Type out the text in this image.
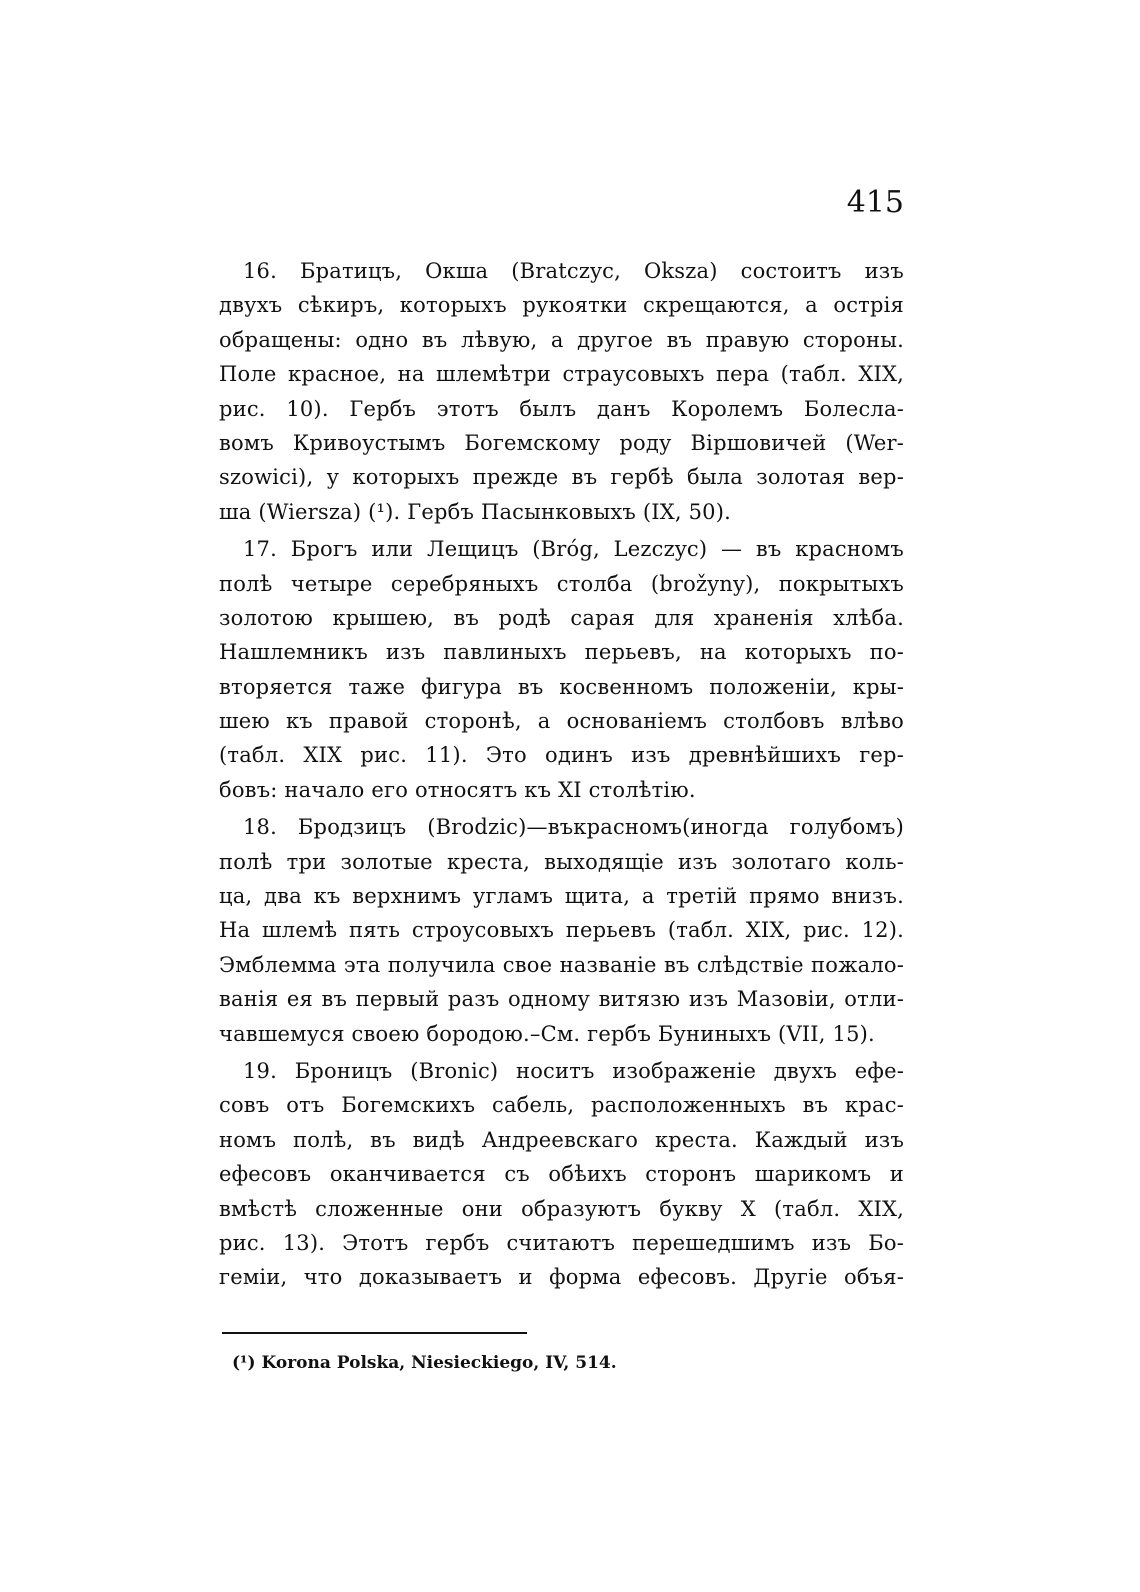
415
16. Братицъ, Окша (Bratczyc, Oksza) состоитъ изъ
двухъ сѣкиръ, которыхъ рукоятки скрещаются, а острія
обращены: одно въ лѣвую, а другое въ правую стороны.
Поле красное, на шлемѣтри страусовыхъ пера (табл. XIX,
рис. 10). Гербъ этотъ былъ данъ Королемъ Болесла-
вомъ Кривоустымъ Богемскому роду Віршовичей (Wer-
szowici), у которыхъ прежде въ гербѣ была золотая вер-
ша (Wiersza) (¹). Гербъ Пасынковыхъ (IX, 50).
17. Брогъ или Лещицъ (Bróg, Lezczyc) — въ красномъ
полѣ четыре серебряныхъ столба (brožyny), покрытыхъ
золотою крышею, въ родѣ сарая для храненія хлѣба.
Нашлемникъ изъ павлиныхъ перьевъ, на которыхъ по-
вторяется таже фигура въ косвенномъ положеніи, кры-
шею къ правой сторонѣ, а основаніемъ столбовъ влѣво
(табл. XIX рис. 11). Это одинъ изъ древнѣйшихъ гер-
бовъ: начало его относятъ къ XI столѣтію.
18. Бродзицъ (Brodzic)—въкрасномъ(иногда голубомъ)
полѣ три золотые креста, выходящіе изъ золотаго коль-
ца, два къ верхнимъ угламъ щита, а третій прямо внизъ.
На шлемѣ пять строусовыхъ перьевъ (табл. XIX, рис. 12).
Эмблемма эта получила свое названіе въ слѣдствіе пожало-
ванія ея въ первый разъ одному витязю изъ Мазовіи, отли-
чавшемуся своею бородою.–См. гербъ Буниныхъ (VII, 15).
19. Броницъ (Bronic) носитъ изображеніе двухъ ефе-
совъ отъ Богемскихъ сабель, расположенныхъ въ крас-
номъ полѣ, въ видѣ Андреевскаго креста. Каждый изъ
ефесовъ оканчивается съ обѣихъ сторонъ шарикомъ и
вмѣстѣ сложенные они образуютъ букву X (табл. XIX,
рис. 13). Этотъ гербъ считаютъ перешедшимъ изъ Бо-
геміи, что доказываетъ и форма ефесовъ. Другіе объя-
(¹) Korona Polska, Niesieckiego, IV, 514.
